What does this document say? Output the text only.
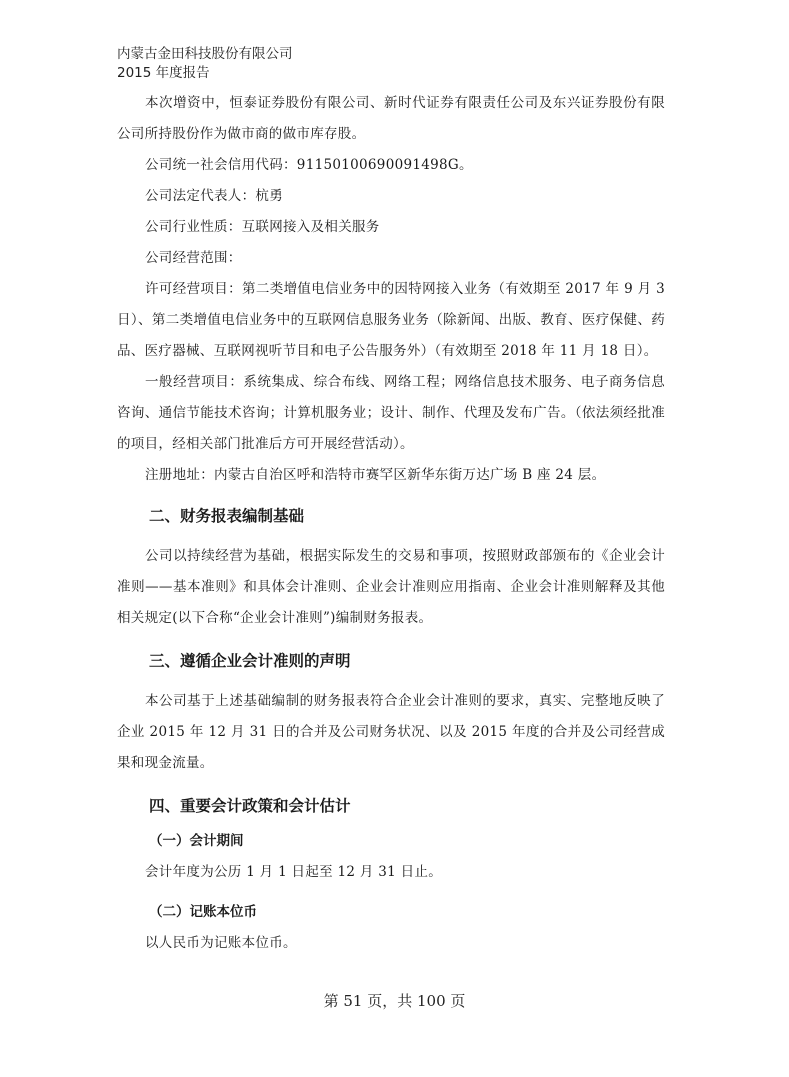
内蒙古金田科技股份有限公司
2015 年度报告

本次增资中，恒泰证券股份有限公司、新时代证券有限责任公司及东兴证券股份有限公司所持股份作为做市商的做市库存股。

公司统一社会信用代码：91150100690091498G。

公司法定代表人：杭勇

公司行业性质：互联网接入及相关服务

公司经营范围：

许可经营项目：第二类增值电信业务中的因特网接入业务（有效期至 2017 年 9 月 3 日）、第二类增值电信业务中的互联网信息服务业务（除新闻、出版、教育、医疗保健、药品、医疗器械、互联网视听节目和电子公告服务外）（有效期至 2018 年 11 月 18 日）。

一般经营项目：系统集成、综合布线、网络工程；网络信息技术服务、电子商务信息咨询、通信节能技术咨询；计算机服务业；设计、制作、代理及发布广告。（依法须经批准的项目，经相关部门批准后方可开展经营活动）。

注册地址：内蒙古自治区呼和浩特市赛罕区新华东街万达广场 B 座 24 层。

二、财务报表编制基础

公司以持续经营为基础，根据实际发生的交易和事项，按照财政部颁布的《企业会计准则——基本准则》和具体会计准则、企业会计准则应用指南、企业会计准则解释及其他相关规定(以下合称“企业会计准则”)编制财务报表。

三、遵循企业会计准则的声明

本公司基于上述基础编制的财务报表符合企业会计准则的要求，真实、完整地反映了企业 2015 年 12 月 31 日的合并及公司财务状况、以及 2015 年度的合并及公司经营成果和现金流量。

四、重要会计政策和会计估计
（一）会计期间

会计年度为公历 1 月 1 日起至 12 月 31 日止。

（二）记账本位币

以人民币为记账本位币。

第 51 页，共 100 页
